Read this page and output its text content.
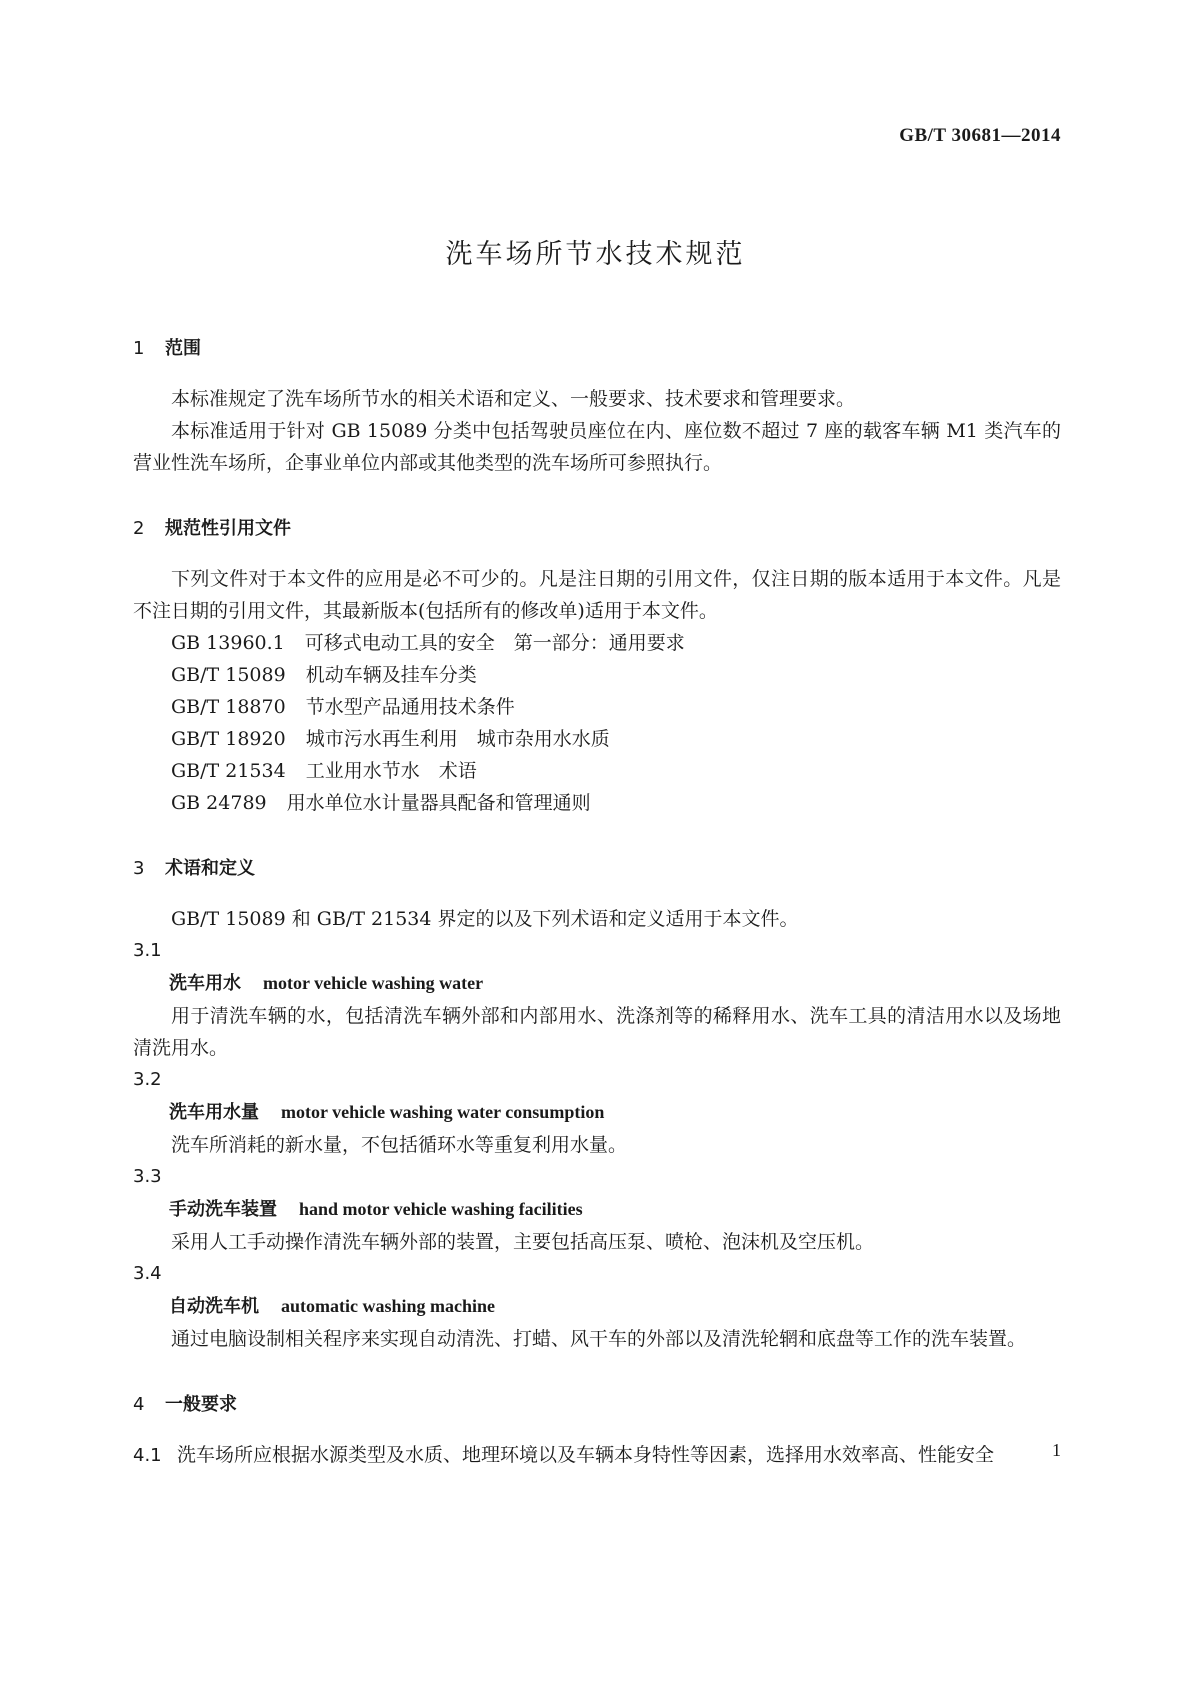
GB/T 30681—2014
洗车场所节水技术规范
1 范围

本标准规定了洗车场所节水的相关术语和定义、一般要求、技术要求和管理要求。

本标准适用于针对 GB 15089 分类中包括驾驶员座位在内、座位数不超过 7 座的载客车辆 M1 类汽车的营业性洗车场所，企事业单位内部或其他类型的洗车场所可参照执行。

2 规范性引用文件

下列文件对于本文件的应用是必不可少的。凡是注日期的引用文件，仅注日期的版本适用于本文件。凡是不注日期的引用文件，其最新版本(包括所有的修改单)适用于本文件。

GB 13960.1 可移式电动工具的安全　第一部分：通用要求

GB/T 15089 机动车辆及挂车分类

GB/T 18870 节水型产品通用技术条件

GB/T 18920 城市污水再生利用　城市杂用水水质

GB/T 21534 工业用水节水　术语

GB 24789 用水单位水计量器具配备和管理通则

3 术语和定义

GB/T 15089 和 GB/T 21534 界定的以及下列术语和定义适用于本文件。

3.1

洗车用水 motor vehicle washing water

用于清洗车辆的水，包括清洗车辆外部和内部用水、洗涤剂等的稀释用水、洗车工具的清洁用水以及场地清洗用水。

3.2

洗车用水量 motor vehicle washing water consumption

洗车所消耗的新水量，不包括循环水等重复利用水量。

3.3

手动洗车装置 hand motor vehicle washing facilities

采用人工手动操作清洗车辆外部的装置，主要包括高压泵、喷枪、泡沫机及空压机。

3.4

自动洗车机 automatic washing machine

通过电脑设制相关程序来实现自动清洗、打蜡、风干车的外部以及清洗轮辋和底盘等工作的洗车装置。

4 一般要求

4.1 洗车场所应根据水源类型及水质、地理环境以及车辆本身特性等因素，选择用水效率高、性能安全	1
